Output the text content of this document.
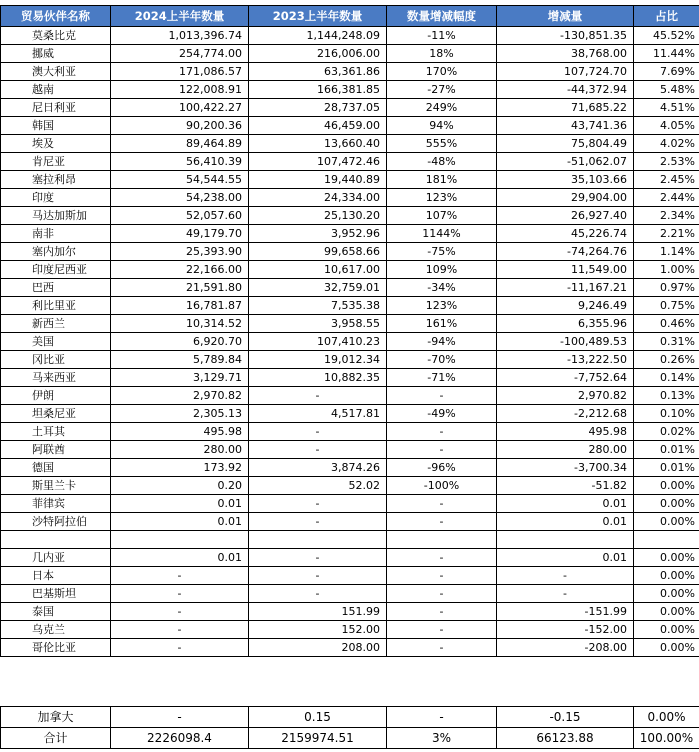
贸易伙伴名称	2024上半年数量	2023上半年数量	数量增减幅度	增减量	占比
莫桑比克	1,013,396.74	1,144,248.09	-11%	-130,851.35	45.52%
挪威	254,774.00	216,006.00	18%	38,768.00	11.44%
澳大利亚	171,086.57	63,361.86	170%	107,724.70	7.69%
越南	122,008.91	166,381.85	-27%	-44,372.94	5.48%
尼日利亚	100,422.27	28,737.05	249%	71,685.22	4.51%
韩国	90,200.36	46,459.00	94%	43,741.36	4.05%
埃及	89,464.89	13,660.40	555%	75,804.49	4.02%
肯尼亚	56,410.39	107,472.46	-48%	-51,062.07	2.53%
塞拉利昂	54,544.55	19,440.89	181%	35,103.66	2.45%
印度	54,238.00	24,334.00	123%	29,904.00	2.44%
马达加斯加	52,057.60	25,130.20	107%	26,927.40	2.34%
南非	49,179.70	3,952.96	1144%	45,226.74	2.21%
塞内加尔	25,393.90	99,658.66	-75%	-74,264.76	1.14%
印度尼西亚	22,166.00	10,617.00	109%	11,549.00	1.00%
巴西	21,591.80	32,759.01	-34%	-11,167.21	0.97%
利比里亚	16,781.87	7,535.38	123%	9,246.49	0.75%
新西兰	10,314.52	3,958.55	161%	6,355.96	0.46%
美国	6,920.70	107,410.23	-94%	-100,489.53	0.31%
冈比亚	5,789.84	19,012.34	-70%	-13,222.50	0.26%
马来西亚	3,129.71	10,882.35	-71%	-7,752.64	0.14%
伊朗	2,970.82	-	-	2,970.82	0.13%
坦桑尼亚	2,305.13	4,517.81	-49%	-2,212.68	0.10%
土耳其	495.98	-	-	495.98	0.02%
阿联酋	280.00	-	-	280.00	0.01%
德国	173.92	3,874.26	-96%	-3,700.34	0.01%
斯里兰卡	0.20	52.02	-100%	-51.82	0.00%
菲律宾	0.01	-	-	0.01	0.00%
沙特阿拉伯	0.01	-	-	0.01	0.00%

几内亚	0.01	-	-	0.01	0.00%
日本	-	-	-	-	0.00%
巴基斯坦	-	-	-	-	0.00%
泰国	-	151.99	-	-151.99	0.00%
乌克兰	-	152.00	-	-152.00	0.00%
哥伦比亚	-	208.00	-	-208.00	0.00%
加拿大	-	0.15	-	-0.15	0.00%
合计	2226098.4	2159974.51	3%	66123.88	100.00%
